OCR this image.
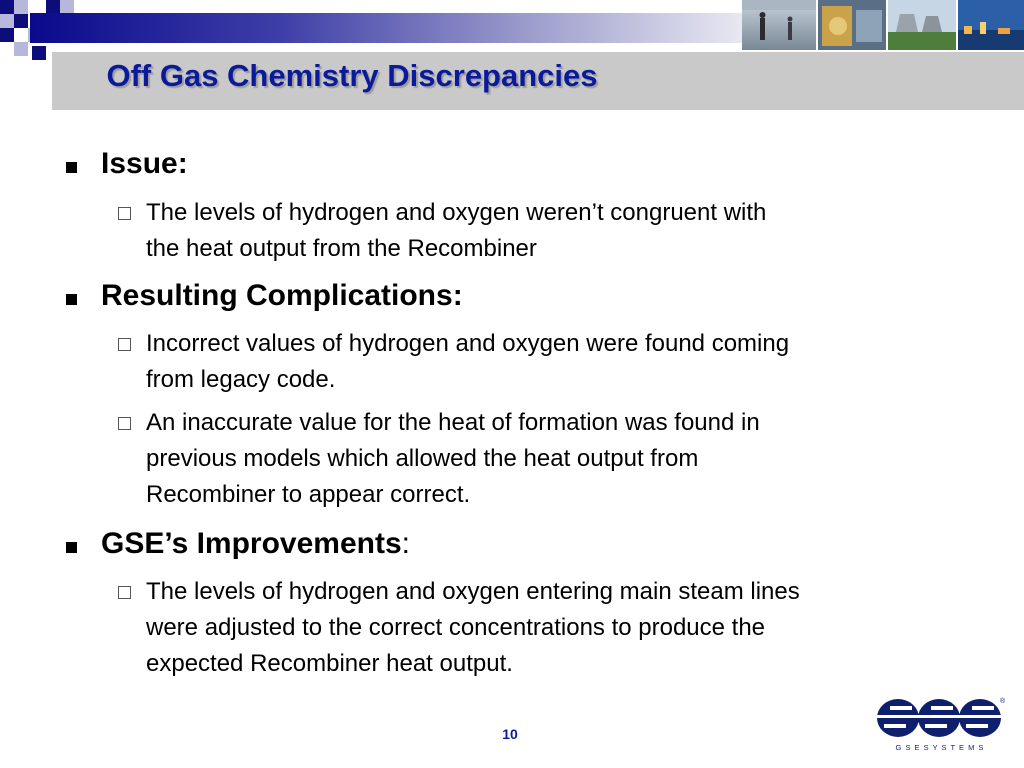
Off Gas Chemistry Discrepancies
Issue:
The levels of hydrogen and oxygen weren’t congruent with
the heat output from the Recombiner
Resulting Complications:
Incorrect values of hydrogen and oxygen were found coming
from legacy code.
An inaccurate value for the heat of formation was found in
previous models which allowed the heat output from
Recombiner to appear correct.
GSE’s Improvements:
The levels of hydrogen and oxygen entering main steam lines
were adjusted to the correct concentrations to produce the
expected Recombiner heat output.
10
®
G S E S Y S T E M S
